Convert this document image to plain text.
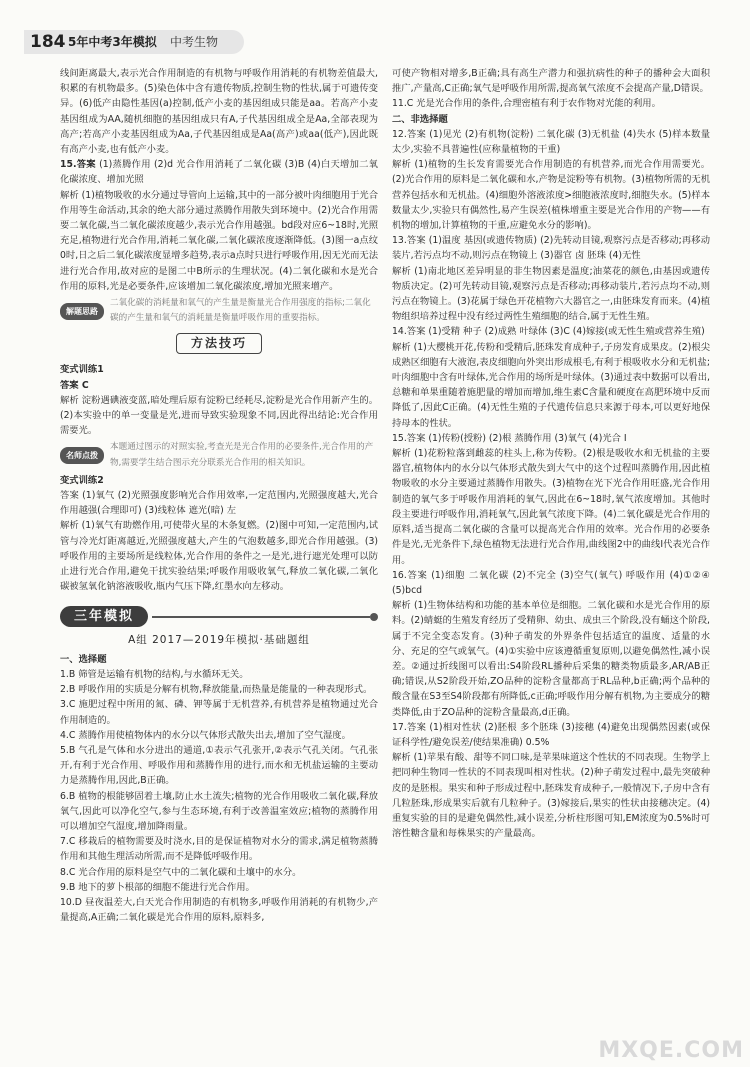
184 5年中考3年模拟 中考生物

线间距离最大,表示光合作用制造的有机物与呼吸作用消耗的有机物差值最大,积累的有机物最多。(5)染色体中含有遗传物质,控制生物的性状,属于可遗传变异。(6)低产由隐性基因(a)控制,低产小麦的基因组成只能是aa。若高产小麦基因组成为AA,随机细胞的基因组成只有A,子代基因组成全是Aa,全部表现为高产;若高产小麦基因组成为Aa,子代基因组成是Aa(高产)或aa(低产),因此既有高产小麦,也有低产小麦。

15.答案 (1)蒸腾作用 (2)d 光合作用消耗了二氧化碳 (3)B (4)白天增加二氧化碳浓度、增加光照

解析 (1)植物吸收的水分通过导管向上运输,其中的一部分被叶肉细胞用于光合作用等生命活动,其余的绝大部分通过蒸腾作用散失到环境中。(2)光合作用需要二氧化碳,当二氧化碳浓度越少,表示光合作用越强。bd段对应6~18时,光照充足,植物进行光合作用,消耗二氧化碳,二氧化碳浓度逐渐降低。(3)图一a点纹0时,日之后二氧化碳浓度显增多趋势,表示a点时只进行呼吸作用,因无光而无法进行光合作用,故对应的是图二中B所示的生理状况。(4)二氧化碳和水是光合作用的原料,光是必要条件,应该增加二氧化碳浓度,增加光照来增产。

解题思路
二氧化碳的消耗量和氧气的产生量是衡量光合作用强度的指标;二氧化碳的产生量和氧气的消耗量是衡量呼吸作用的重要指标。
方法技巧

变式训练1

答案 C

解析 淀粉遇碘液变蓝,暗处理后原有淀粉已经耗尽,淀粉是光合作用新产生的。(2)本实验中的单一变量是光,进而导致实验现象不同,因此得出结论:光合作用需要光。

名师点拨
本题通过图示的对照实验,考查光是光合作用的必要条件,光合作用的产物,需要学生结合图示充分联系光合作用的相关知识。

变式训练2

答案 (1)氧气 (2)光照强度影响光合作用效率,一定范围内,光照强度越大,光合作用越强(合理即可) (3)线粒体 遮光(暗) 左

解析 (1)氧气有助燃作用,可使带火星的木条复燃。(2)图中可知,一定范围内,试管与冷光灯距离越近,光照强度越大,产生的气泡数越多,即光合作用越强。(3)呼吸作用的主要场所是线粒体,光合作用的条件之一是光,进行遮光处理可以防止进行光合作用,避免干扰实验结果;呼吸作用吸收氧气,释放二氧化碳,二氧化碳被氢氧化钠溶液吸收,瓶内气压下降,红墨水向左移动。

三年模拟
A组 2017—2019年模拟·基础题组

一、选择题

1.B 筛管是运输有机物的结构,与水循环无关。

2.B 呼吸作用的实质是分解有机物,释放能量,而热量是能量的一种表现形式。

3.C 施肥过程中所用的氮、磷、钾等属于无机营养,有机营养是植物通过光合作用制造的。

4.C 蒸腾作用使植物体内的水分以气体形式散失出去,增加了空气湿度。

5.B 气孔是气体和水分进出的通道,①表示气孔张开,②表示气孔关闭。气孔张开,有利于光合作用、呼吸作用和蒸腾作用的进行,而水和无机盐运输的主要动力是蒸腾作用,因此,B正确。

6.B 植物的根能够固着土壤,防止水土流失;植物的光合作用吸收二氧化碳,释放氧气,因此可以净化空气,参与生态环境,有利于改善温室效应;植物的蒸腾作用可以增加空气湿度,增加降雨量。

7.C 移栽后的植物需要及时浇水,目的是保证植物对水分的需求,满足植物蒸腾作用和其他生理活动所需,而不是降低呼吸作用。

8.C 光合作用的原料是空气中的二氧化碳和土壤中的水分。

9.B 地下的萝卜根部的细胞不能进行光合作用。

10.D 昼夜温差大,白天光合作用制造的有机物多,呼吸作用消耗的有机物少,产量提高,A正确;二氧化碳是光合作用的原料,原料多,

可使产物相对增多,B正确;具有高生产潜力和强抗病性的种子的播种会大面积推广,产量高,C正确;氧气是呼吸作用所需,提高氧气浓度不会提高产量,D错误。

11.C 光是光合作用的条件,合理密植有利于农作物对光能的利用。

二、非选择题

12.答案 (1)见光 (2)有机物(淀粉) 二氧化碳 (3)无机盐 (4)失水 (5)样本数量太少,实验不具普遍性(应称量植物的干重)

解析 (1)植物的生长发育需要光合作用制造的有机营养,而光合作用需要光。(2)光合作用的原料是二氧化碳和水,产物是淀粉等有机物。(3)植物所需的无机营养包括水和无机盐。(4)细胞外溶液浓度>细胞液浓度时,细胞失水。(5)样本数量太少,实验只有偶然性,易产生误差(植株增重主要是光合作用的产物——有机物的增加,计算植物的干重,应避免水分的影响)。

13.答案 (1)温度 基因(或遗传物质) (2)先转动目镜,观察污点是否移动;再移动装片,若污点均不动,则污点在物镜上 (3)器官 卤 胚珠 (4)无性

解析 (1)南北地区差异明显的非生物因素是温度;油菜花的颜色,由基因或遗传物质决定。(2)可先转动目镜,观察污点是否移动;再移动装片,若污点均不动,则污点在物镜上。(3)花属于绿色开花植物六大器官之一,由胚珠发育而来。(4)植物组织培养过程中没有经过两性生殖细胞的结合,属于无性生殖。

14.答案 (1)受精 种子 (2)成熟 叶绿体 (3)C (4)嫁接(或无性生殖或营养生殖)

解析 (1)大樱桃开花,传粉和受精后,胚珠发育成种子,子房发育成果皮。(2)根尖成熟区细胞有大液泡,表皮细胞向外突出形成根毛,有利于根吸收水分和无机盐;叶肉细胞中含有叶绿体,光合作用的场所是叶绿体。(3)通过表中数据可以看出,总糖和单果重随着施肥量的增加而增加,维生素C含量和硬度在高肥环境中反而降低了,因此C正确。(4)无性生殖的子代遗传信息只来源于母本,可以更好地保持母本的性状。

15.答案 (1)传粉(授粉) (2)根 蒸腾作用 (3)氧气 (4)光合 Ⅰ

解析 (1)花粉粒落到雌蕊的柱头上,称为传粉。(2)根是吸收水和无机盐的主要器官,植物体内的水分以气体形式散失到大气中的这个过程叫蒸腾作用,因此植物吸收的水分主要通过蒸腾作用散失。(3)植物在光下光合作用旺盛,光合作用制造的氧气多于呼吸作用消耗的氧气,因此在6~18时,氧气浓度增加。其他时段主要进行呼吸作用,消耗氧气,因此氧气浓度下降。(4)二氧化碳是光合作用的原料,适当提高二氧化碳的含量可以提高光合作用的效率。光合作用的必要条件是光,无光条件下,绿色植物无法进行光合作用,曲线图2中的曲线Ⅰ代表光合作用。

16.答案 (1)细胞 二氧化碳 (2)不完全 (3)空气(氧气) 呼吸作用 (4)①②④ (5)bcd

解析 (1)生物体结构和功能的基本单位是细胞。二氧化碳和水是光合作用的原料。(2)蜻蜓的生殖发育经历了受精卵、幼虫、成虫三个阶段,没有蛹这个阶段,属于不完全变态发育。(3)种子萌发的外界条件包括适宜的温度、适量的水分、充足的空气或氧气。(4)①实验中应该遵循重复原则,以避免偶然性,减小误差。②通过折线图可以看出:S4阶段RL播种后采集的糖类物质最多,AR/AB正确;错误,从S2阶段开始,ZO品种的淀粉含量都高于RL品种,b正确;两个品种的酸含量在S3至S4阶段都有所降低,c正确;呼吸作用分解有机物,为主要成分的糖类降低,由于ZO品种的淀粉含量最高,d正确。

17.答案 (1)相对性状 (2)胚根 多个胚珠 (3)接穗 (4)避免出现偶然因素(或保证科学性/避免误差/使结果准确) 0.5%

解析 (1)苹果有酸、甜等不同口味,是苹果味道这个性状的不同表现。生物学上把同种生物同一性状的不同表现叫相对性状。(2)种子萌发过程中,最先突破种皮的是胚根。果实和种子形成过程中,胚珠发育成种子,一般情况下,子房中含有几粒胚珠,形成果实后就有几粒种子。(3)嫁接后,果实的性状由接穗决定。(4)重复实验的目的是避免偶然性,减小误差,分析柱形图可知,EM浓度为0.5%时可溶性糖含量和每株果实的产量最高。

MXQE.COM
